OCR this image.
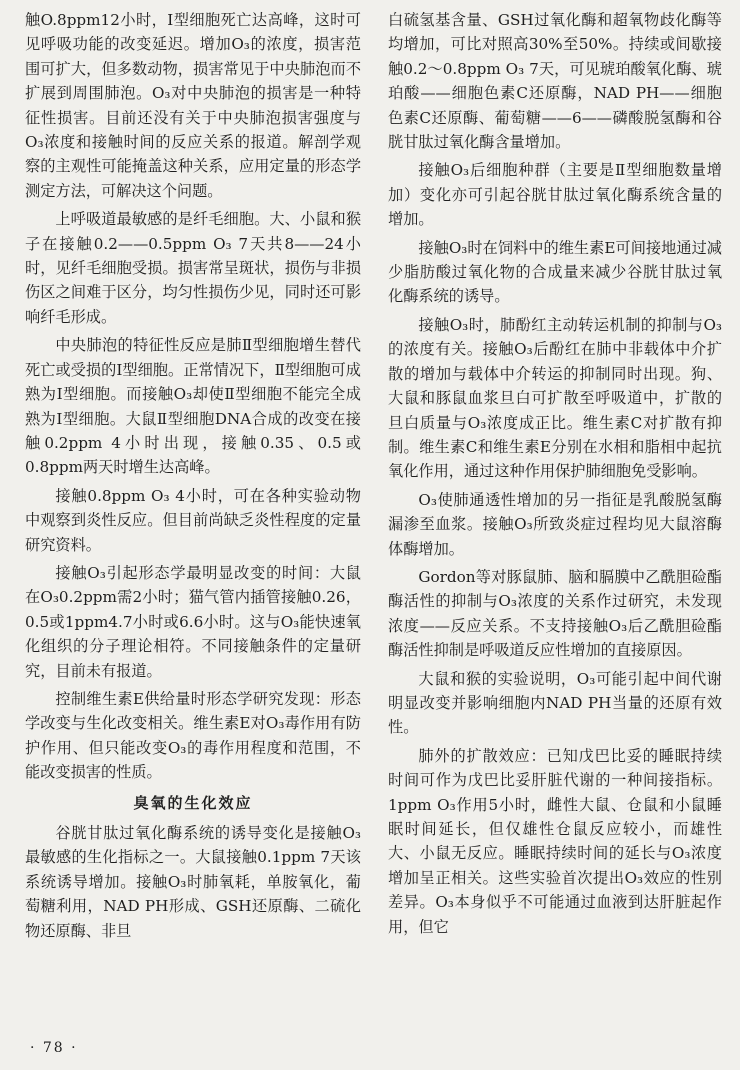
触O.8ppm12小时，Ⅰ型细胞死亡达高峰，这时可见呼吸功能的改变延迟。增加O₃的浓度，损害范围可扩大，但多数动物，损害常见于中央肺泡而不扩展到周围肺泡。O₃对中央肺泡的损害是一种特征性损害。目前还没有关于中央肺泡损害强度与O₃浓度和接触时间的反应关系的报道。解剖学观察的主观性可能掩盖这种关系，应用定量的形态学测定方法，可解决这个问题。

上呼吸道最敏感的是纤毛细胞。大、小鼠和猴子在接触0.2——0.5ppm O₃ 7天共8——24小时，见纤毛细胞受损。损害常呈斑状，损伤与非损伤区之间难于区分，均匀性损伤少见，同时还可影响纤毛形成。

中央肺泡的特征性反应是肺Ⅱ型细胞增生替代死亡或受损的Ⅰ型细胞。正常情况下，Ⅱ型细胞可成熟为Ⅰ型细胞。而接触O₃却使Ⅱ型细胞不能完全成熟为Ⅰ型细胞。大鼠Ⅱ型细胞DNA合成的改变在接触0.2ppm 4小时出现，接触0.35、0.5或0.8ppm两天时增生达高峰。

接触0.8ppm O₃ 4小时，可在各种实验动物中观察到炎性反应。但目前尚缺乏炎性程度的定量研究资料。

接触O₃引起形态学最明显改变的时间：大鼠在O₃0.2ppm需2小时；猫气管内插管接触0.26，0.5或1ppm4.7小时或6.6小时。这与O₃能快速氧化组织的分子理论相符。不同接触条件的定量研究，目前未有报道。

控制维生素E供给量时形态学研究发现：形态学改变与生化改变相关。维生素E对O₃毒作用有防护作用、但只能改变O₃的毒作用程度和范围，不能改变损害的性质。

臭氧的生化效应

谷胱甘肽过氧化酶系统的诱导变化是接触O₃最敏感的生化指标之一。大鼠接触0.1ppm 7天该系统诱导增加。接触O₃时肺氧耗，单胺氧化，葡萄糖利用，NAD PH形成、GSH还原酶、二硫化物还原酶、非旦

白硫氢基含量、GSH过氧化酶和超氧物歧化酶等均增加，可比对照高30%至50%。持续或间歇接触0.2～0.8ppm O₃ 7天，可见琥珀酸氧化酶、琥珀酸——细胞色素C还原酶，NAD PH——细胞色素C还原酶、葡萄糖——6——磷酸脱氢酶和谷胱甘肽过氧化酶含量增加。

接触O₃后细胞种群（主要是Ⅱ型细胞数量增加）变化亦可引起谷胱甘肽过氧化酶系统含量的增加。

接触O₃时在饲料中的维生素E可间接地通过减少脂肪酸过氧化物的合成量来减少谷胱甘肽过氧化酶系统的诱导。

接触O₃时，肺酚红主动转运机制的抑制与O₃的浓度有关。接触O₃后酚红在肺中非载体中介扩散的增加与载体中介转运的抑制同时出现。狗、大鼠和豚鼠血浆旦白可扩散至呼吸道中，扩散的旦白质量与O₃浓度成正比。维生素C对扩散有抑制。维生素C和维生素E分别在水相和脂相中起抗氧化作用，通过这种作用保护肺细胞免受影响。

O₃使肺通透性增加的另一指征是乳酸脱氢酶漏渗至血浆。接触O₃所致炎症过程均见大鼠溶酶体酶增加。

Gordon等对豚鼠肺、脑和膈膜中乙酰胆硷酯酶活性的抑制与O₃浓度的关系作过研究，未发现浓度——反应关系。不支持接触O₃后乙酰胆硷酯酶活性抑制是呼吸道反应性增加的直接原因。

大鼠和猴的实验说明，O₃可能引起中间代谢明显改变并影响细胞内NAD PH当量的还原有效性。

肺外的扩散效应：已知戊巴比妥的睡眠持续时间可作为戊巴比妥肝脏代谢的一种间接指标。1ppm O₃作用5小时，雌性大鼠、仓鼠和小鼠睡眠时间延长，但仅雄性仓鼠反应较小，而雄性大、小鼠无反应。睡眠持续时间的延长与O₃浓度增加呈正相关。这些实验首次提出O₃效应的性别差异。O₃本身似乎不可能通过血液到达肝脏起作用，但它

· 78 ·
